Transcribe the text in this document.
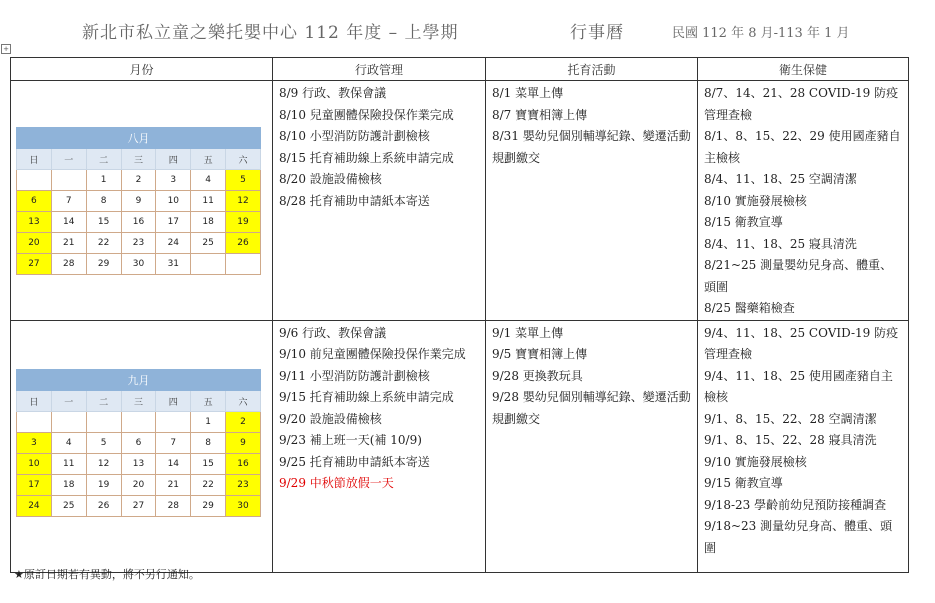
新北市私立童之樂托嬰中心 112 年度 – 上學期	行事曆	民國 112 年 8 月-113 年 1 月
+
月份	行政管理	托育活動	衛生保健

八月
日	一	二	三	四	五	六
		1	2	3	4	5
6	7	8	9	10	11	12
13	14	15	16	17	18	19
20	21	22	23	24	25	26
27	28	29	30	31		

8/9 行政、教保會議
8/10 兒童團體保險投保作業完成
8/10 小型消防防護計劃檢核
8/15 托育補助線上系統申請完成
8/20 設施設備檢核
8/28 托育補助申請紙本寄送

8/1 菜單上傳
8/7 寶寶相簿上傳
8/31 嬰幼兒個別輔導紀錄、變遷活動規劃繳交

8/7、14、21、28 COVID-19 防疫管理查檢
8/1、8、15、22、29 使用國產豬自主檢核
8/4、11、18、25 空調清潔
8/10 實施發展檢核
8/15 衛教宣導
8/4、11、18、25 寢具清洗
8/21~25 測量嬰幼兒身高、體重、頭圍
8/25 醫藥箱檢查

九月
日	一	二	三	四	五	六
					1	2
3	4	5	6	7	8	9
10	11	12	13	14	15	16
17	18	19	20	21	22	23
24	25	26	27	28	29	30

9/6 行政、教保會議
9/10 前兒童團體保險投保作業完成
9/11 小型消防防護計劃檢核
9/15 托育補助線上系統申請完成
9/20 設施設備檢核
9/23 補上班一天(補 10/9)
9/25 托育補助申請紙本寄送
9/29 中秋節放假一天

9/1 菜單上傳
9/5 寶寶相簿上傳
9/28 更換教玩具
9/28 嬰幼兒個別輔導紀錄、變遷活動規劃繳交

9/4、11、18、25 COVID-19 防疫管理查檢
9/4、11、18、25 使用國產豬自主檢核
9/1、8、15、22、28 空調清潔
9/1、8、15、22、28 寢具清洗
9/10 實施發展檢核
9/15 衛教宣導
9/18-23 學齡前幼兒預防接種調查
9/18~23 測量幼兒身高、體重、頭圍
★原訂日期若有異動，將不另行通知。
